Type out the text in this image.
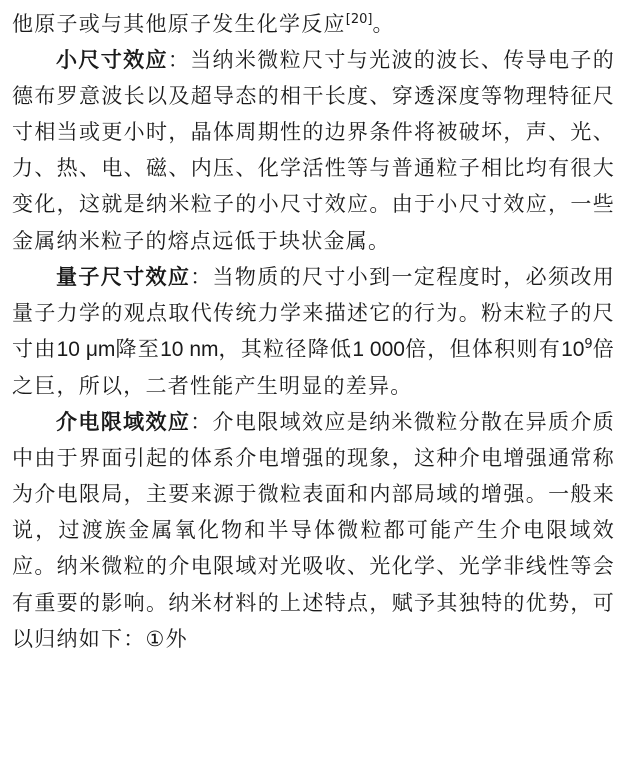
他原子或与其他原子发生化学反应[20]。

小尺寸效应：当纳米微粒尺寸与光波的波长、传导电子的德布罗意波长以及超导态的相干长度、穿透深度等物理特征尺寸相当或更小时，晶体周期性的边界条件将被破坏，声、光、力、热、电、磁、内压、化学活性等与普通粒子相比均有很大变化，这就是纳米粒子的小尺寸效应。由于小尺寸效应，一些金属纳米粒子的熔点远低于块状金属。

量子尺寸效应：当物质的尺寸小到一定程度时，必须改用量子力学的观点取代传统力学来描述它的行为。粉末粒子的尺寸由10 μm降至10 nm，其粒径降低1 000倍，但体积则有$10^9$倍之巨，所以，二者性能产生明显的差异。

介电限域效应：介电限域效应是纳米微粒分散在异质介质中由于界面引起的体系介电增强的现象，这种介电增强通常称为介电限局，主要来源于微粒表面和内部局域的增强。一般来说，过渡族金属氧化物和半导体微粒都可能产生介电限域效应。纳米微粒的介电限域对光吸收、光化学、光学非线性等会有重要的影响。纳米材料的上述特点，赋予其独特的优势，可以归纳如下：①外
